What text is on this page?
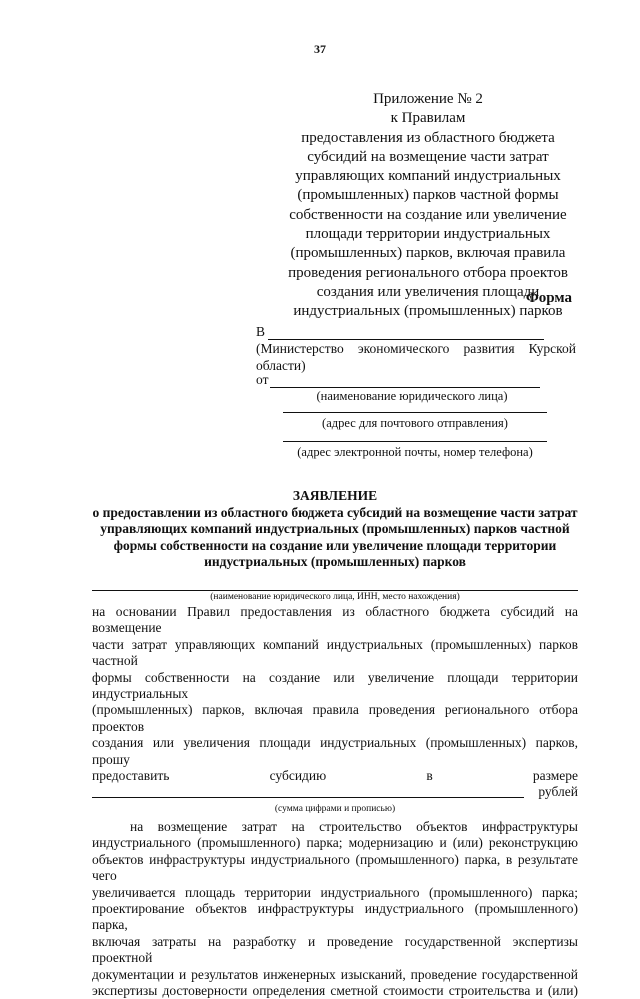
37
Приложение № 2
к Правилам
предоставления из областного бюджета
субсидий на возмещение части затрат
управляющих компаний индустриальных
(промышленных) парков частной формы
собственности на создание или увеличение
площади территории индустриальных
(промышленных) парков, включая правила
проведения регионального отбора проектов
создания или увеличения площади
индустриальных (промышленных) парков
Форма
В
(Министерство экономического развития Курской
области)
от
(наименование юридического лица)
(адрес для почтового отправления)
(адрес электронной почты, номер телефона)
ЗАЯВЛЕНИЕ
о предоставлении из областного бюджета субсидий на возмещение части затрат
управляющих компаний индустриальных (промышленных) парков частной
формы собственности на создание или увеличение площади территории
индустриальных (промышленных) парков
(наименование юридического лица, ИНН, место нахождения)
на основании Правил предоставления из областного бюджета субсидий на возмещение
части затрат управляющих компаний индустриальных (промышленных) парков частной
формы собственности на создание или увеличение площади территории индустриальных
(промышленных) парков, включая правила проведения регионального отбора проектов
создания или увеличения площади индустриальных (промышленных) парков, прошу
предоставить субсидию в размере
рублей
(сумма цифрами и прописью)
на возмещение затрат на строительство объектов инфраструктуры
индустриального (промышленного) парка; модернизацию и (или) реконструкцию
объектов инфраструктуры индустриального (промышленного) парка, в результате чего
увеличивается площадь территории индустриального (промышленного) парка;
проектирование объектов инфраструктуры индустриального (промышленного) парка,
включая затраты на разработку и проведение государственной экспертизы проектной
документации и результатов инженерных изысканий, проведение государственной
экспертизы достоверности определения сметной стоимости строительства и (или)
